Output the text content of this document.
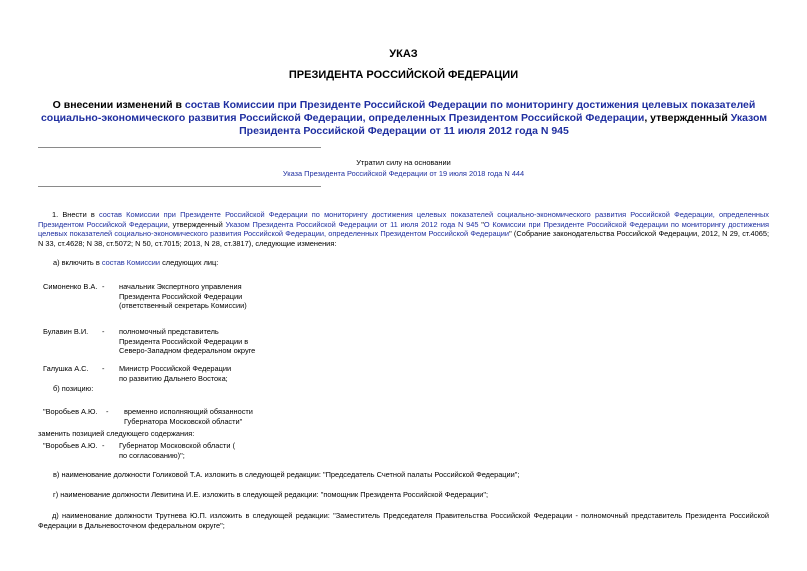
УКАЗ
ПРЕЗИДЕНТА РОССИЙСКОЙ ФЕДЕРАЦИИ
О внесении изменений в состав Комиссии при Президенте Российской Федерации по мониторингу достижения целевых показателей социально-экономического развития Российской Федерации, определенных Президентом Российской Федерации, утвержденный Указом Президента Российской Федерации от 11 июля 2012 года N 945
Утратил силу на основании
Указа Президента Российской Федерации от 19 июля 2018 года N 444
1. Внести в состав Комиссии при Президенте Российской Федерации по мониторингу достижения целевых показателей социально-экономического развития Российской Федерации, определенных Президентом Российской Федерации, утвержденный Указом Президента Российской Федерации от 11 июля 2012 года N 945 "О Комиссии при Президенте Российской Федерации по мониторингу достижения целевых показателей социально-экономического развития Российской Федерации, определенных Президентом Российской Федерации" (Собрание законодательства Российской Федерации, 2012, N 29, ст.4065; N 33, ст.4628; N 38, ст.5072; N 50, ст.7015; 2013, N 28, ст.3817), следующие изменения:
а) включить в состав Комиссии следующих лиц:
Симоненко В.А. - начальник Экспертного управления Президента Российской Федерации (ответственный секретарь Комиссии)
Булавин В.И. - полномочный представитель Президента Российской Федерации в Северо-Западном федеральном округе
Галушка А.С. - Министр Российской Федерации по развитию Дальнего Востока;
б) позицию:
"Воробьев А.Ю. - временно исполняющий обязанности Губернатора Московской области"
заменить позицией следующего содержания:
"Воробьев А.Ю. - Губернатор Московской области ( по согласованию)";
в) наименование должности Голиковой Т.А. изложить в следующей редакции: "Председатель Счетной палаты Российской Федерации";
г) наименование должности Левитина И.Е. изложить в следующей редакции: "помощник Президента Российской Федерации";
д) наименование должности Трутнева Ю.П. изложить в следующей редакции: "Заместитель Председателя Правительства Российской Федерации - полномочный представитель Президента Российской Федерации в Дальневосточном федеральном округе";
